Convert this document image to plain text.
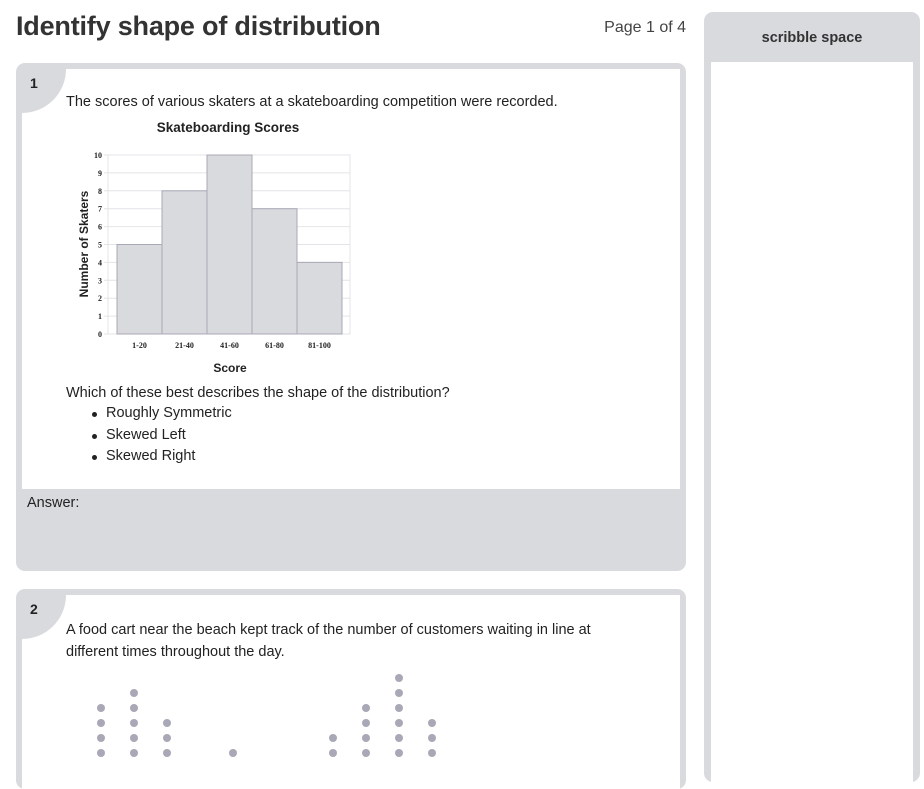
Identify shape of distribution	Page 1 of 4
1
The scores of various skaters at a skateboarding competition were recorded.
Skateboarding Scores
0
1
2
3
4
5
6
7
8
9
10
1-20	21-40	41-60	61-80	81-100
Score
Number of Skaters
Which of these best describes the shape of the distribution?
Roughly Symmetric
Skewed Left
Skewed Right
Answer:
2
A food cart near the beach kept track of the number of customers waiting in line at
different times throughout the day.
scribble space
